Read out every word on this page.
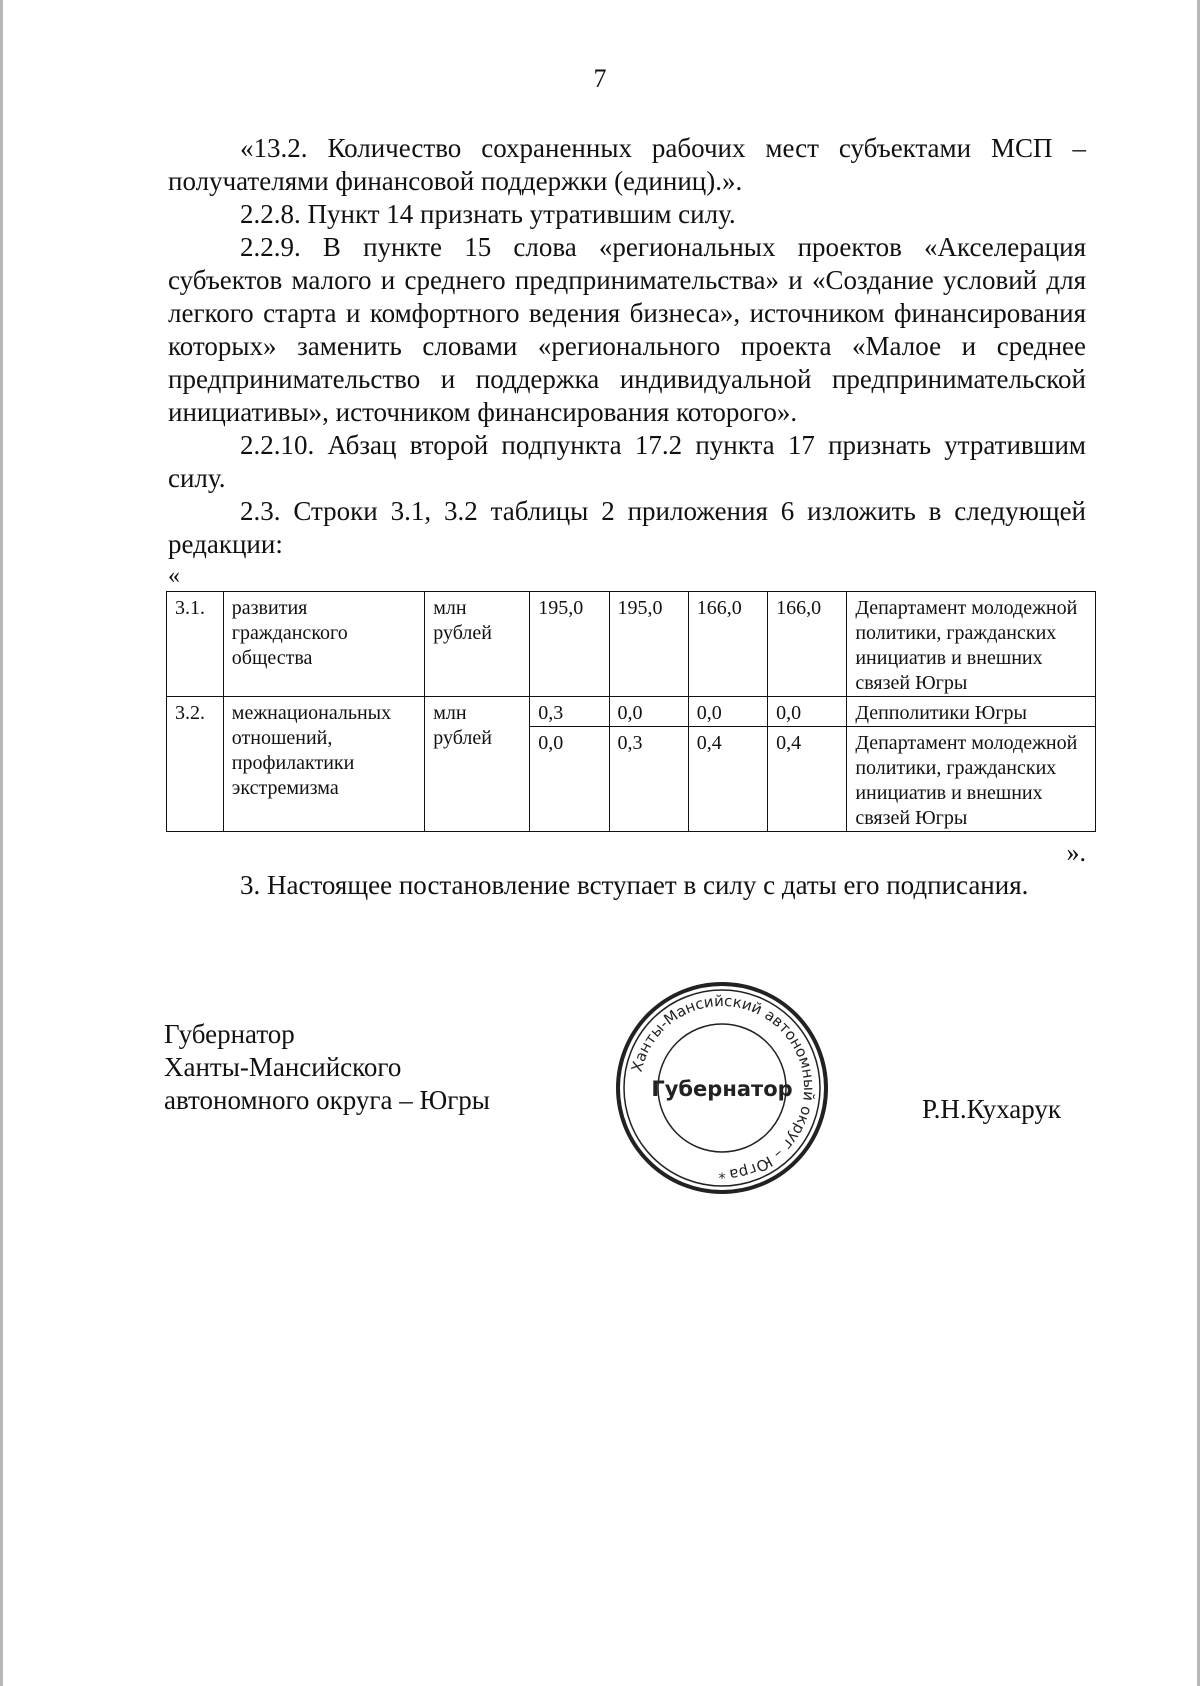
7

«13.2. Количество сохраненных рабочих мест субъектами МСП – получателями финансовой поддержки (единиц).».

2.2.8. Пункт 14 признать утратившим силу.

2.2.9. В пункте 15 слова «региональных проектов «Акселерация субъектов малого и среднего предпринимательства» и «Создание условий для легкого старта и комфортного ведения бизнеса», источником финансирования которых» заменить словами «регионального проекта «Малое и среднее предпринимательство и поддержка индивидуальной предпринимательской инициативы», источником финансирования которого».

2.2.10. Абзац второй подпункта 17.2 пункта 17 признать утратившим силу.

2.3. Строки 3.1, 3.2 таблицы 2 приложения 6 изложить в следующей редакции:

«
3.1.	развития гражданского общества	млн рублей	195,0	195,0	166,0	166,0	Департамент молодежной политики, гражданских инициатив и внешних связей Югры
3.2.	межнациональных отношений, профилактики экстремизма	млн рублей	0,3	0,0	0,0	0,0	Депполитики Югры
			0,0	0,3	0,4	0,4	Департамент молодежной политики, гражданских инициатив и внешних связей Югры
».

3. Настоящее постановление вступает в силу с даты его подписания.

Губернатор
Ханты-Мансийского
автономного округа – Югры
Ханты-Мансийский автономный округ – Югра
Губернатор
*
Р.Н.Кухарук
